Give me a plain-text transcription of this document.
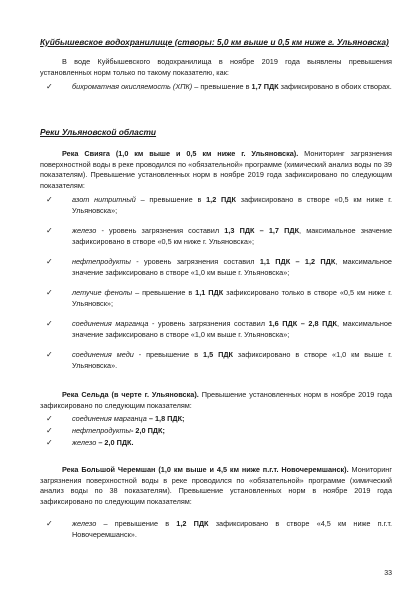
Куйбышевское водохранилище (створы: 5,0 км выше и 0,5 км ниже г. Ульяновска)

В воде Куйбышевского водохранилища в ноябре 2019 года выявлены превышения установленных норм только по такому показателю, как:

✓	бихроматная окисляемость (ХПК) – превышение в 1,7 ПДК зафиксировано в обоих створах.
Реки Ульяновской области

Река Свияга (1,0 км выше и 0,5 км ниже г. Ульяновска). Мониторинг загрязнения поверхностной воды в реке проводился по «обязательной» программе (химический анализ воды по 39 показателям). Превышение установленных норм в ноябре 2019 года зафиксировано по следующим показателям:

✓	азот нитритный – превышение в 1,2 ПДК зафиксировано в створе «0,5 км ниже г. Ульяновска»;
✓	железо - уровень загрязнения составил 1,3 ПДК – 1,7 ПДК, максимальное значение зафиксировано в створе «0,5 км ниже г. Ульяновска»;
✓	нефтепродукты - уровень загрязнения составил 1,1 ПДК – 1,2 ПДК, максимальное значение зафиксировано в створе «1,0 км выше г. Ульяновска»;
✓	летучие фенолы – превышение в 1,1 ПДК зафиксировано только в створе «0,5 км ниже г. Ульяновск»;
✓	соединения марганца - уровень загрязнения составил 1,6 ПДК – 2,8 ПДК, максимальное значение зафиксировано в створе «1,0 км выше г. Ульяновска»;
✓	соединения меди - превышение в 1,5 ПДК зафиксировано в створе «1,0 км выше г. Ульяновска».

Река Сельда (в черте г. Ульяновска). Превышение установленных норм в ноябре 2019 года зафиксировано по следующим показателям:

✓	соединения марганца – 1,8 ПДК;
✓	нефтепродукты- 2,0 ПДК;
✓	железо – 2,0 ПДК.

Река Большой Черемшан (1,0 км выше и 4,5 км ниже п.г.т. Новочеремшанск). Мониторинг загрязнения поверхностной воды в реке проводился по «обязательной» программе (химический анализ воды по 38 показателям). Превышение установленных норм в ноябре 2019 года зафиксировано по следующим показателям:

✓	железо – превышение в 1,2 ПДК зафиксировано в створе «4,5 км ниже п.г.т. Новочеремшанск».
33
